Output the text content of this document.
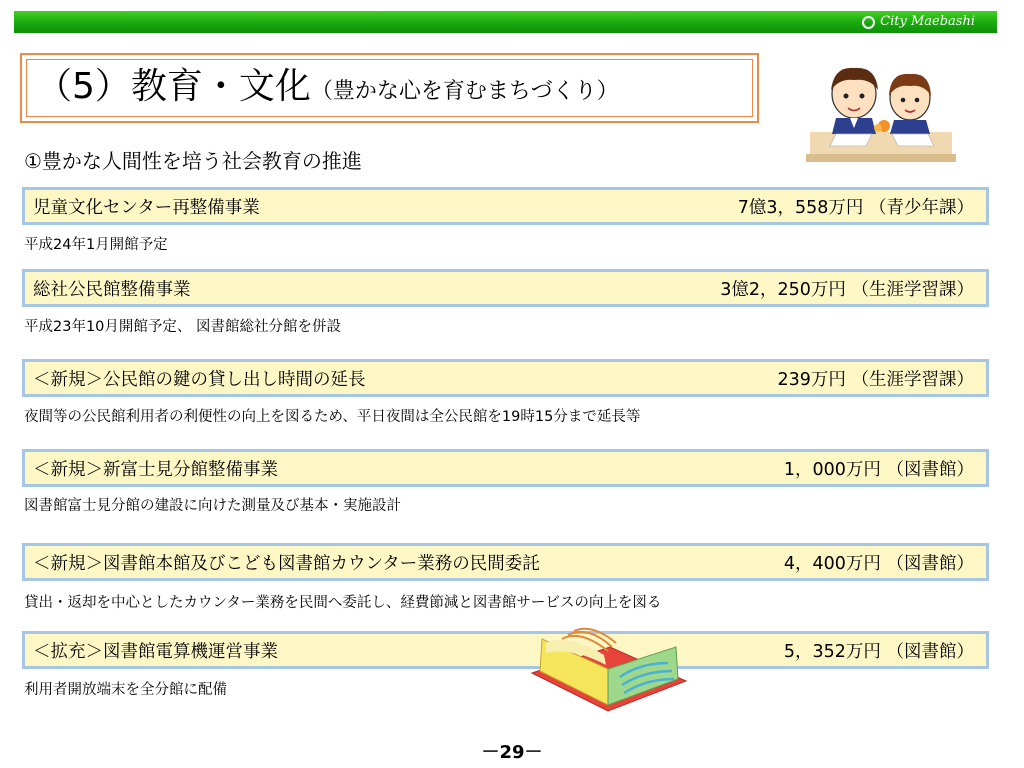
City Maebashi
（5）教育・文化（豊かな心を育むまちづくり）
①豊かな人間性を培う社会教育の推進
児童文化センター再整備事業	7億3，558万円 （青少年課）
平成24年1月開館予定
総社公民館整備事業	3億2，250万円 （生涯学習課）
平成23年10月開館予定、 図書館総社分館を併設
＜新規＞公民館の鍵の貸し出し時間の延長	239万円 （生涯学習課）
夜間等の公民館利用者の利便性の向上を図るため、平日夜間は全公民館を19時15分まで延長等
＜新規＞新富士見分館整備事業	1，000万円 （図書館）
図書館富士見分館の建設に向けた測量及び基本・実施設計
＜新規＞図書館本館及びこども図書館カウンター業務の民間委託	4，400万円 （図書館）
貸出・返却を中心としたカウンター業務を民間へ委託し、経費節減と図書館サービスの向上を図る
＜拡充＞図書館電算機運営事業	5，352万円 （図書館）
利用者開放端末を全分館に配備
－29－
